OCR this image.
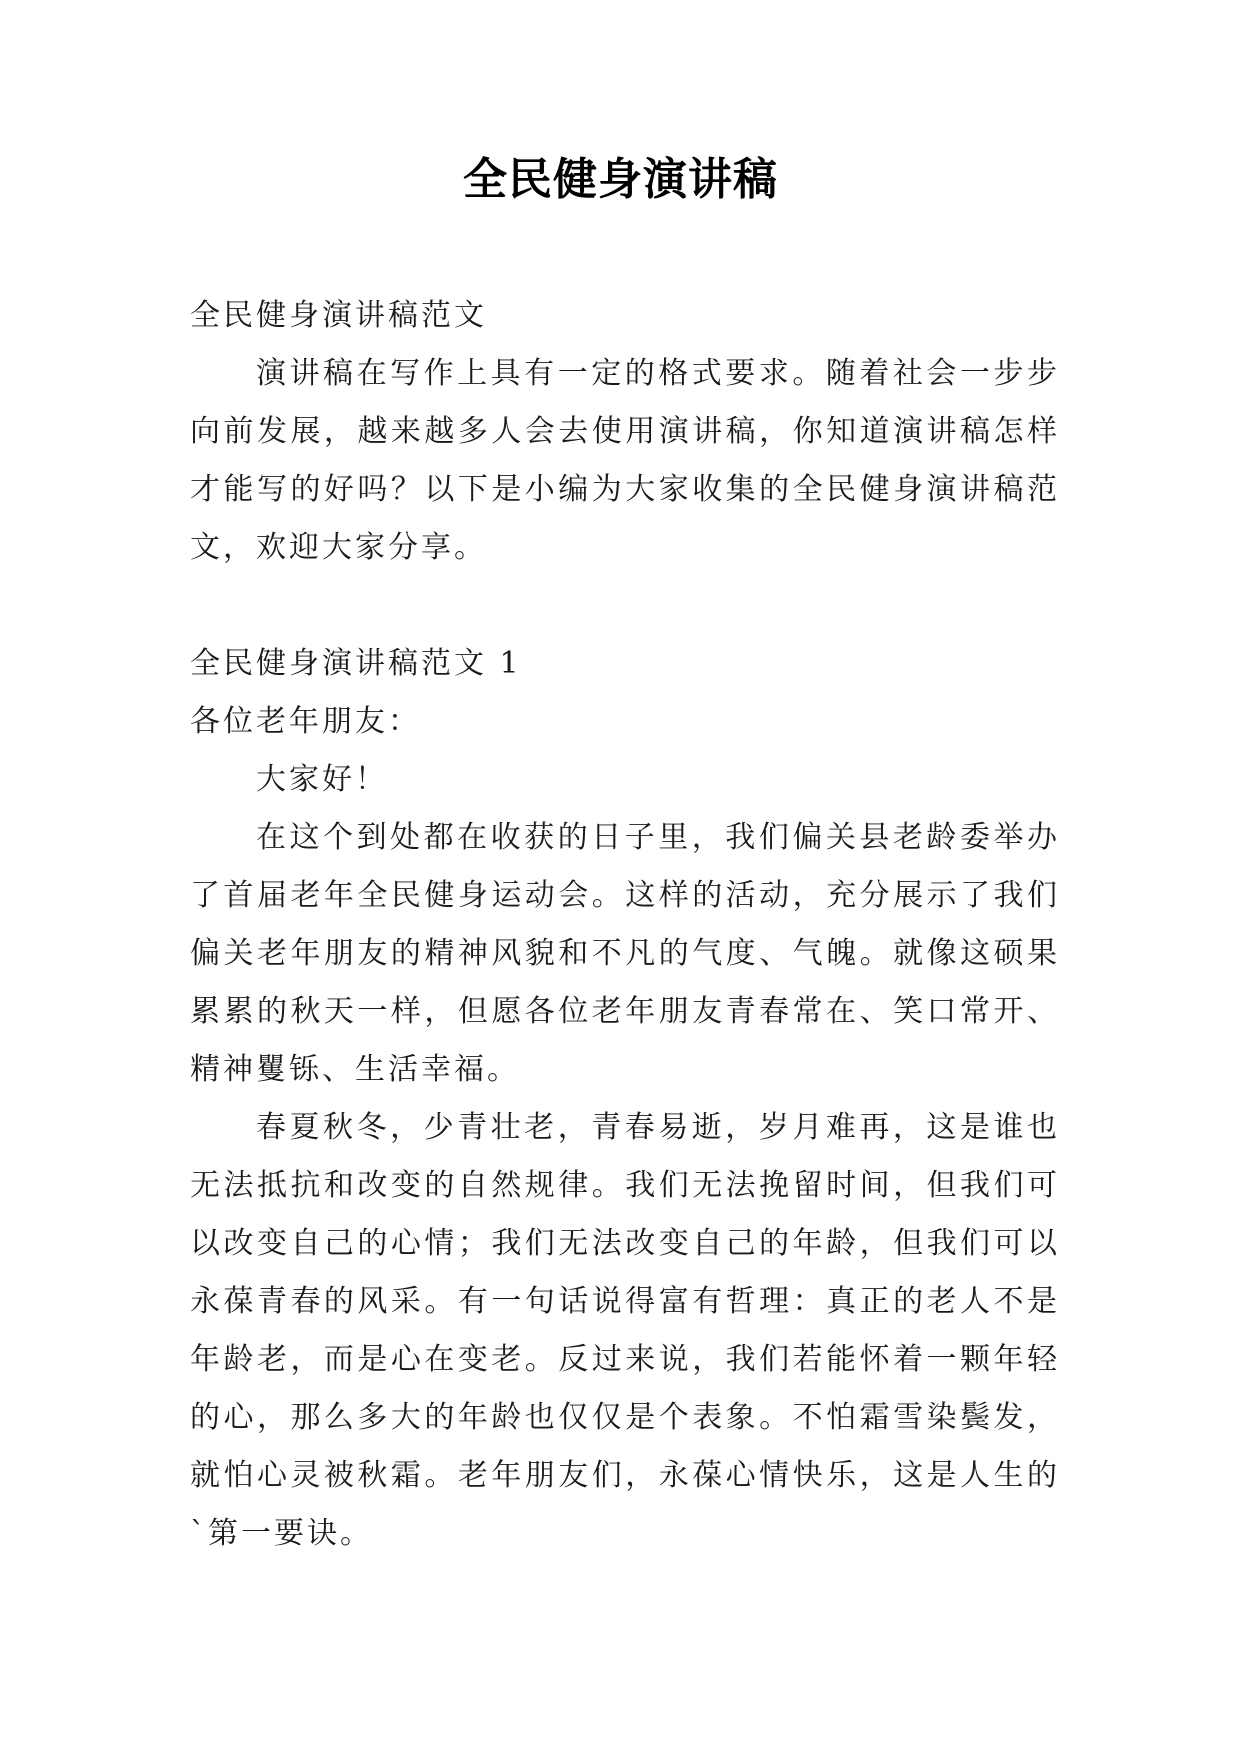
全民健身演讲稿

全民健身演讲稿范文

演讲稿在写作上具有一定的格式要求。随着社会一步步向前发展，越来越多人会去使用演讲稿，你知道演讲稿怎样才能写的好吗？以下是小编为大家收集的全民健身演讲稿范文，欢迎大家分享。

全民健身演讲稿范文 1

各位老年朋友：

大家好！

在这个到处都在收获的日子里，我们偏关县老龄委举办了首届老年全民健身运动会。这样的活动，充分展示了我们偏关老年朋友的精神风貌和不凡的气度、气魄。就像这硕果累累的秋天一样，但愿各位老年朋友青春常在、笑口常开、精神矍铄、生活幸福。

春夏秋冬，少青壮老，青春易逝，岁月难再，这是谁也无法抵抗和改变的自然规律。我们无法挽留时间，但我们可以改变自己的心情；我们无法改变自己的年龄，但我们可以永葆青春的风采。有一句话说得富有哲理：真正的老人不是年龄老，而是心在变老。反过来说，我们若能怀着一颗年轻的心，那么多大的年龄也仅仅是个表象。不怕霜雪染鬓发，就怕心灵被秋霜。老年朋友们，永葆心情快乐，这是人生的`第一要诀。
